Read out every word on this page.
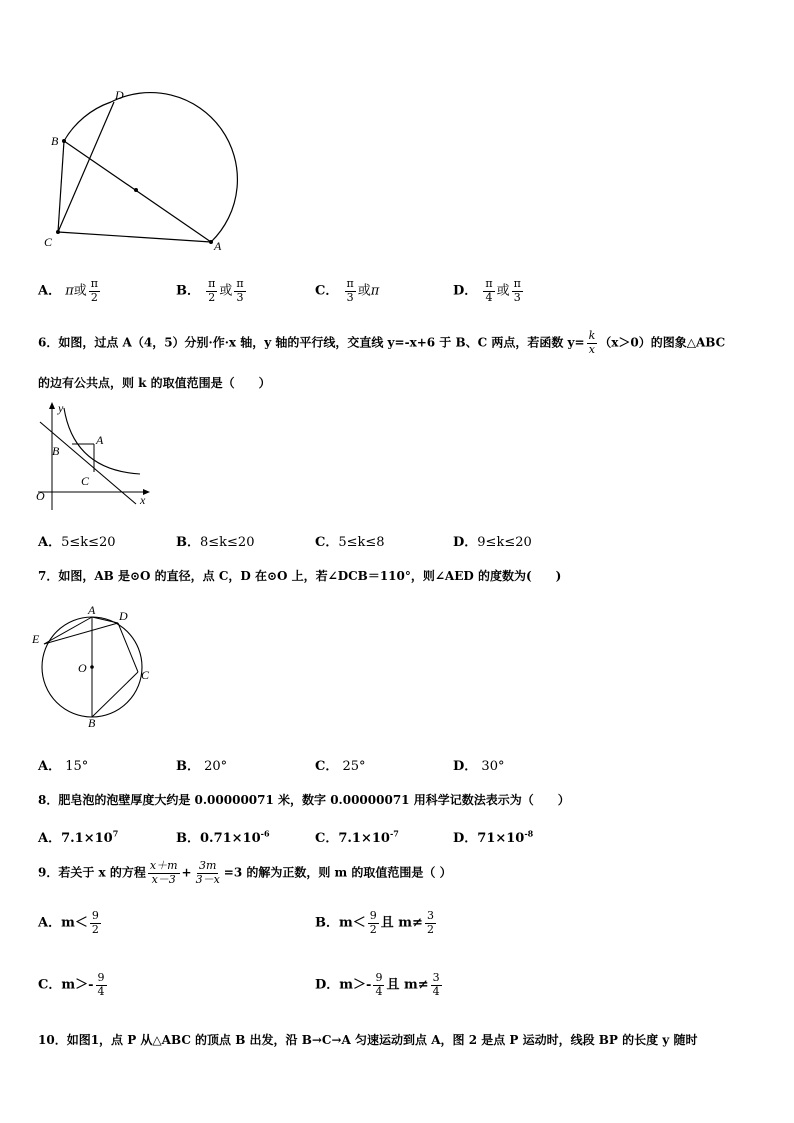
D
B
C	A
A． π或 $\frac{\pi}{2}$	B． $\frac{\pi}{2}$ 或 $\frac{\pi}{3}$	C． $\frac{\pi}{3}$ 或π	D． $\frac{\pi}{4}$ 或 $\frac{\pi}{3}$
6．如图，过点 A（4，5）分别·作·x 轴，y 轴的平行线，交直线 y=-x+6 于 B、C 两点，若函数 $y= \frac{k}{x} (x>0)$的图象△ABC
的边有公共点，则 k 的取值范围是（　　）
y
A
B
C
O	x
A．5≤k≤20	B．8≤k≤20	C．5≤k≤8	D．9≤k≤20
7．如图，AB 是⊙O 的直径，点 C，D 在⊙O 上，若∠DCB＝110°，则∠AED 的度数为(　　)
A D
E
O	C
B
A． 15°	B． 20°	C． 25°	D． 30°
8．肥皂泡的泡壁厚度大约是 0.00000071 米，数字 0.00000071 用科学记数法表示为（　　）
A．$7.1\times 10^7$	B．$0.71\times 10^{-6}$	C．$7.1\times 10^{-7}$	D．$71\times 10^{-8}$
9．若关于 x 的方程 $\frac{x+m}{x-3} + \frac{3m}{3-x} =3$ 的解为正数，则 m 的取值范围是（ ）
A．$m< \frac{9}{2}$	B．$m< \frac{9}{2}$ 且 $m\ne \frac{3}{2}$
C．$m>- \frac{9}{4}$	D．$m>- \frac{9}{4}$ 且 $m\ne \frac{3}{4}$
10．如图1，点 P 从△ABC 的顶点 B 出发，沿 B→C→A 匀速运动到点 A，图 2 是点 P 运动时，线段 BP 的长度 y 随时
